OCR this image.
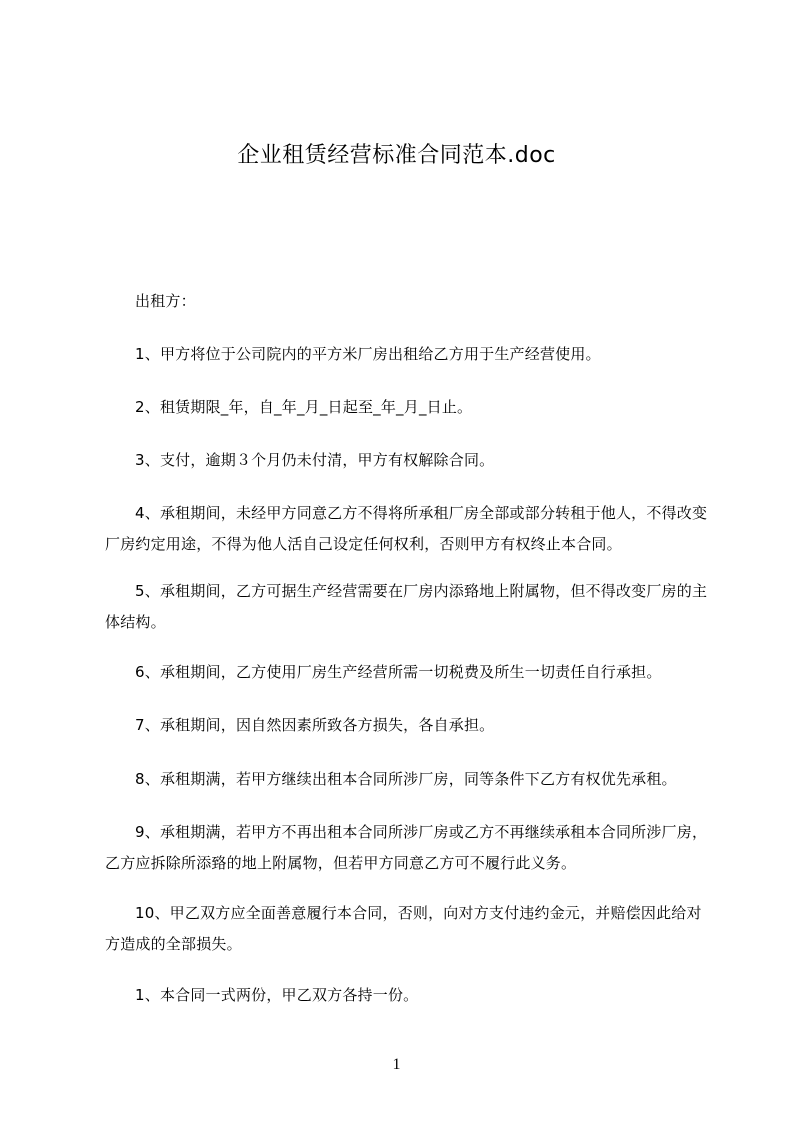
企业租赁经营标准合同范本.doc

出租方：

1、甲方将位于公司院内的平方米厂房出租给乙方用于生产经营使用。

2、租赁期限_年，自_年_月_日起至_年_月_日止。

3、支付，逾期３个月仍未付清，甲方有权解除合同。

4、承租期间，未经甲方同意乙方不得将所承租厂房全部或部分转租于他人，不得改变厂房约定用途，不得为他人活自己设定任何权利，否则甲方有权终止本合同。

5、承租期间，乙方可据生产经营需要在厂房内添臵地上附属物，但不得改变厂房的主体结构。

6、承租期间，乙方使用厂房生产经营所需一切税费及所生一切责任自行承担。

7、承租期间，因自然因素所致各方损失，各自承担。

8、承租期满，若甲方继续出租本合同所涉厂房，同等条件下乙方有权优先承租。

9、承租期满，若甲方不再出租本合同所涉厂房或乙方不再继续承租本合同所涉厂房，乙方应拆除所添臵的地上附属物，但若甲方同意乙方可不履行此义务。

10、甲乙双方应全面善意履行本合同，否则，向对方支付违约金元，并赔偿因此给对方造成的全部损失。

1、本合同一式两份，甲乙双方各持一份。

1
